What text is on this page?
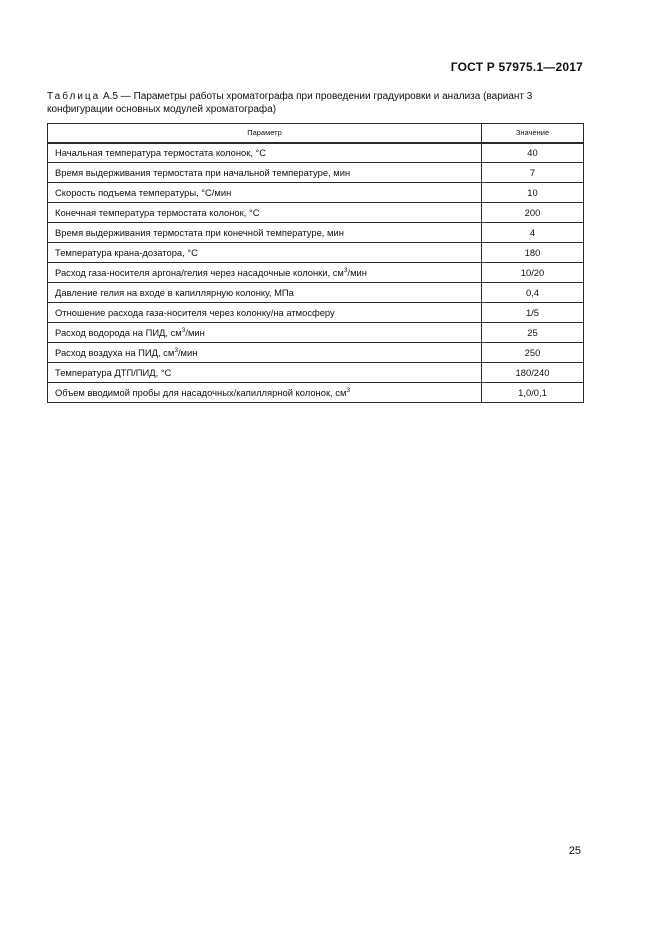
ГОСТ Р 57975.1—2017
Таблица А.5 — Параметры работы хроматографа при проведении градуировки и анализа (вариант 3 конфигурации основных модулей хроматографа)
Параметр	Значение
Начальная температура термостата колонок, °С	40
Время выдерживания термостата при начальной температуре, мин	7
Скорость подъема температуры, °С/мин	10
Конечная температура термостата колонок, °С	200
Время выдерживания термостата при конечной температуре, мин	4
Температура крана-дозатора, °С	180
Расход газа-носителя аргона/гелия через насадочные колонки, $см^3$/мин	10/20
Давление гелия на входе в капиллярную колонку, МПа	0,4
Отношение расхода газа-носителя через колонку/на атмосферу	1/5
Расход водорода на ПИД, $см^3$/мин	25
Расход воздуха на ПИД, $см^3$/мин	250
Температура ДТП/ПИД, °С	180/240
Объем вводимой пробы для насадочных/капиллярной колонок, $см^3$	1,0/0,1
25
